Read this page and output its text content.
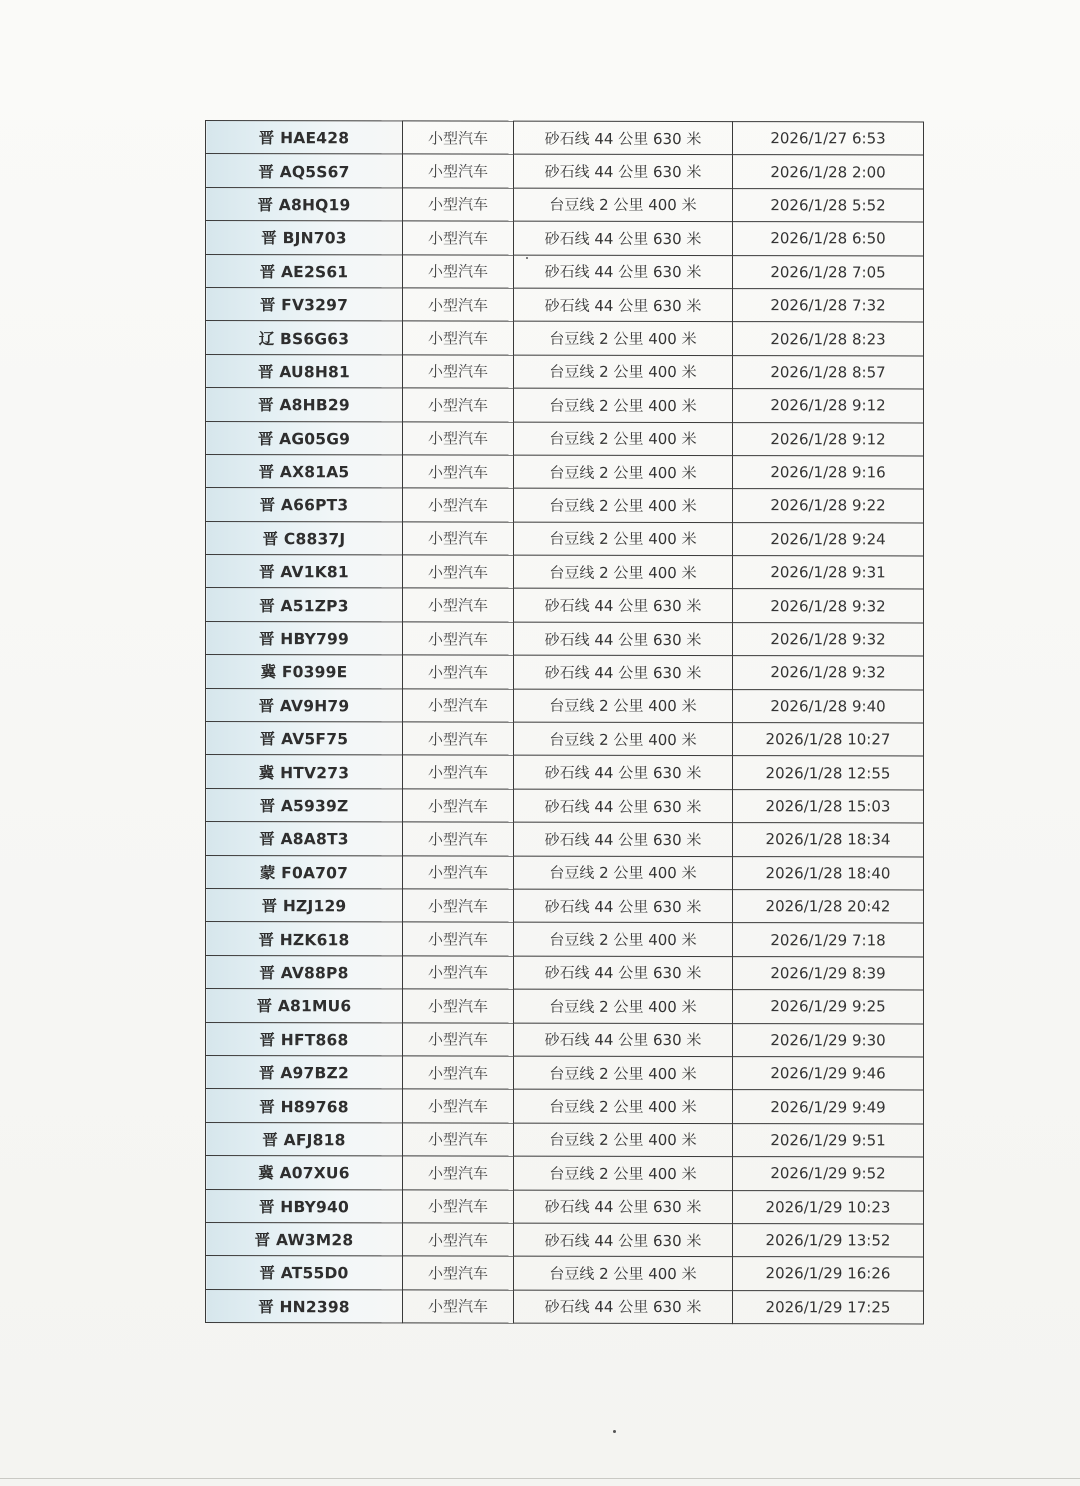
晋 HAE428	小型汽车	砂石线 44 公里 630 米	2026/1/27 6:53
晋 AQ5S67	小型汽车	砂石线 44 公里 630 米	2026/1/28 2:00
晋 A8HQ19	小型汽车	台豆线 2 公里 400 米	2026/1/28 5:52
晋 BJN703	小型汽车	砂石线 44 公里 630 米	2026/1/28 6:50
晋 AE2S61	小型汽车	砂石线 44 公里 630 米	2026/1/28 7:05
晋 FV3297	小型汽车	砂石线 44 公里 630 米	2026/1/28 7:32
辽 BS6G63	小型汽车	台豆线 2 公里 400 米	2026/1/28 8:23
晋 AU8H81	小型汽车	台豆线 2 公里 400 米	2026/1/28 8:57
晋 A8HB29	小型汽车	台豆线 2 公里 400 米	2026/1/28 9:12
晋 AG05G9	小型汽车	台豆线 2 公里 400 米	2026/1/28 9:12
晋 AX81A5	小型汽车	台豆线 2 公里 400 米	2026/1/28 9:16
晋 A66PT3	小型汽车	台豆线 2 公里 400 米	2026/1/28 9:22
晋 C8837J	小型汽车	台豆线 2 公里 400 米	2026/1/28 9:24
晋 AV1K81	小型汽车	台豆线 2 公里 400 米	2026/1/28 9:31
晋 A51ZP3	小型汽车	砂石线 44 公里 630 米	2026/1/28 9:32
晋 HBY799	小型汽车	砂石线 44 公里 630 米	2026/1/28 9:32
冀 F0399E	小型汽车	砂石线 44 公里 630 米	2026/1/28 9:32
晋 AV9H79	小型汽车	台豆线 2 公里 400 米	2026/1/28 9:40
晋 AV5F75	小型汽车	台豆线 2 公里 400 米	2026/1/28 10:27
冀 HTV273	小型汽车	砂石线 44 公里 630 米	2026/1/28 12:55
晋 A5939Z	小型汽车	砂石线 44 公里 630 米	2026/1/28 15:03
晋 A8A8T3	小型汽车	砂石线 44 公里 630 米	2026/1/28 18:34
蒙 F0A707	小型汽车	台豆线 2 公里 400 米	2026/1/28 18:40
晋 HZJ129	小型汽车	砂石线 44 公里 630 米	2026/1/28 20:42
晋 HZK618	小型汽车	台豆线 2 公里 400 米	2026/1/29 7:18
晋 AV88P8	小型汽车	砂石线 44 公里 630 米	2026/1/29 8:39
晋 A81MU6	小型汽车	台豆线 2 公里 400 米	2026/1/29 9:25
晋 HFT868	小型汽车	砂石线 44 公里 630 米	2026/1/29 9:30
晋 A97BZ2	小型汽车	台豆线 2 公里 400 米	2026/1/29 9:46
晋 H89768	小型汽车	台豆线 2 公里 400 米	2026/1/29 9:49
晋 AFJ818	小型汽车	台豆线 2 公里 400 米	2026/1/29 9:51
冀 A07XU6	小型汽车	台豆线 2 公里 400 米	2026/1/29 9:52
晋 HBY940	小型汽车	砂石线 44 公里 630 米	2026/1/29 10:23
晋 AW3M28	小型汽车	砂石线 44 公里 630 米	2026/1/29 13:52
晋 AT55D0	小型汽车	台豆线 2 公里 400 米	2026/1/29 16:26
晋 HN2398	小型汽车	砂石线 44 公里 630 米	2026/1/29 17:25
